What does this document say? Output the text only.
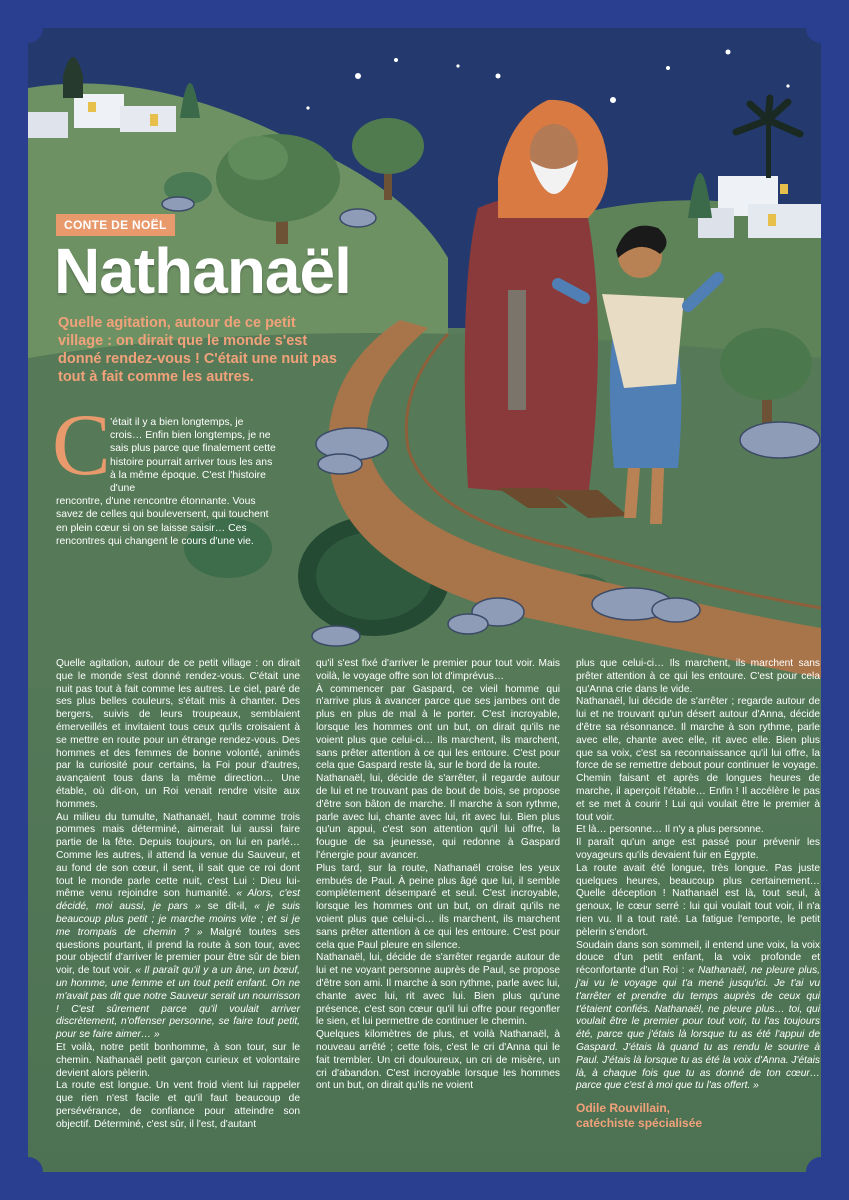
CONTE DE NOËL
Nathanaël
Quelle agitation, autour de ce petit village : on dirait que le monde s'est donné rendez-vous ! C'était une nuit pas tout à fait comme les autres.
C ’était il y a bien longtemps, je crois… Enfin bien longtemps, je ne sais plus parce que finalement cette histoire pourrait arriver tous les ans à la même époque. C'est l'histoire d'une
rencontre, d'une rencontre étonnante. Vous savez de celles qui bouleversent, qui touchent en plein cœur si on se laisse saisir… Ces rencontres qui changent le cours d'une vie.

Quelle agitation, autour de ce petit village : on dirait que le monde s'est donné rendez-vous. C'était une nuit pas tout à fait comme les autres. Le ciel, paré de ses plus belles couleurs, s'était mis à chanter. Des bergers, suivis de leurs troupeaux, semblaient émerveillés et invitaient tous ceux qu'ils croisaient à se mettre en route pour un étrange rendez-vous. Des hommes et des femmes de bonne volonté, animés par la curiosité pour certains, la Foi pour d'autres, avançaient tous dans la même direction… Une étable, où dit-on, un Roi venait rendre visite aux hommes.

Au milieu du tumulte, Nathanaël, haut comme trois pommes mais déterminé, aimerait lui aussi faire partie de la fête. Depuis toujours, on lui en parlé… Comme les autres, il attend la venue du Sauveur, et au fond de son cœur, il sent, il sait que ce roi dont tout le monde parle cette nuit, c'est Lui : Dieu lui-même venu rejoindre son humanité. « Alors, c'est décidé, moi aussi, je pars » se dit-il, « je suis beaucoup plus petit ; je marche moins vite ; et si je me trompais de chemin ? » Malgré toutes ses questions pourtant, il prend la route à son tour, avec pour objectif d'arriver le premier pour être sûr de bien voir, de tout voir. « Il paraît qu'il y a un âne, un bœuf, un homme, une femme et un tout petit enfant. On ne m'avait pas dit que notre Sauveur serait un nourrisson ! C'est sûrement parce qu'il voulait arriver discrètement, n'offenser personne, se faire tout petit, pour se faire aimer… »

Et voilà, notre petit bonhomme, à son tour, sur le chemin. Nathanaël petit garçon curieux et volontaire devient alors pèlerin.

La route est longue. Un vent froid vient lui rappeler que rien n'est facile et qu'il faut beaucoup de persévérance, de confiance pour atteindre son objectif. Déterminé, c'est sûr, il l'est, d'autant

qu'il s'est fixé d'arriver le premier pour tout voir. Mais voilà, le voyage offre son lot d'imprévus…

À commencer par Gaspard, ce vieil homme qui n'arrive plus à avancer parce que ses jambes ont de plus en plus de mal à le porter. C'est incroyable, lorsque les hommes ont un but, on dirait qu'ils ne voient plus que celui-ci… Ils marchent, ils marchent, sans prêter attention à ce qui les entoure. C'est pour cela que Gaspard reste là, sur le bord de la route.

Nathanaël, lui, décide de s'arrêter, il regarde autour de lui et ne trouvant pas de bout de bois, se propose d'être son bâton de marche. Il marche à son rythme, parle avec lui, chante avec lui, rit avec lui. Bien plus qu'un appui, c'est son attention qu'il lui offre, la fougue de sa jeunesse, qui redonne à Gaspard l'énergie pour avancer.

Plus tard, sur la route, Nathanaël croise les yeux embués de Paul. À peine plus âgé que lui, il semble complètement désemparé et seul. C'est incroyable, lorsque les hommes ont un but, on dirait qu'ils ne voient plus que celui-ci… ils marchent, ils marchent sans prêter attention à ce qui les entoure. C'est pour cela que Paul pleure en silence.

Nathanaël, lui, décide de s'arrêter regarde autour de lui et ne voyant personne auprès de Paul, se propose d'être son ami. Il marche à son rythme, parle avec lui, chante avec lui, rit avec lui. Bien plus qu'une présence, c'est son cœur qu'il lui offre pour regonfler le sien, et lui permettre de continuer le chemin.

Quelques kilomètres de plus, et voilà Nathanaël, à nouveau arrêté ; cette fois, c'est le cri d'Anna qui le fait trembler. Un cri douloureux, un cri de misère, un cri d'abandon. C'est incroyable lorsque les hommes ont un but, on dirait qu'ils ne voient

plus que celui-ci… Ils marchent, ils marchent sans prêter attention à ce qui les entoure. C'est pour cela qu'Anna crie dans le vide.

Nathanaël, lui décide de s'arrêter ; regarde autour de lui et ne trouvant qu'un désert autour d'Anna, décide d'être sa résonnance. Il marche à son rythme, parle avec elle, chante avec elle, rit avec elle. Bien plus que sa voix, c'est sa reconnaissance qu'il lui offre, la force de se remettre debout pour continuer le voyage.

Chemin faisant et après de longues heures de marche, il aperçoit l'étable… Enfin ! Il accélère le pas et se met à courir ! Lui qui voulait être le premier à tout voir.

Et là… personne… Il n'y a plus personne.

Il paraît qu'un ange est passé pour prévenir les voyageurs qu'ils devaient fuir en Égypte.

La route avait été longue, très longue. Pas juste quelques heures, beaucoup plus certainement… Quelle déception ! Nathanaël est là, tout seul, à genoux, le cœur serré : lui qui voulait tout voir, il n'a rien vu. Il a tout raté. La fatigue l'emporte, le petit pèlerin s'endort.

Soudain dans son sommeil, il entend une voix, la voix douce d'un petit enfant, la voix profonde et réconfortante d'un Roi : « Nathanaël, ne pleure plus, j'ai vu le voyage qui t'a mené jusqu'ici. Je t'ai vu t'arrêter et prendre du temps auprès de ceux qui t'étaient confiés. Nathanaël, ne pleure plus… toi, qui voulait être le premier pour tout voir, tu l'as toujours été, parce que j'étais là lorsque tu as été l'appui de Gaspard. J'étais là quand tu as rendu le sourire à Paul. J'étais là lorsque tu as été la voix d'Anna. J'étais là, à chaque fois que tu as donné de ton cœur… parce que c'est à moi que tu l'as offert. »

Odile Rouvillain,
catéchiste spécialisée
